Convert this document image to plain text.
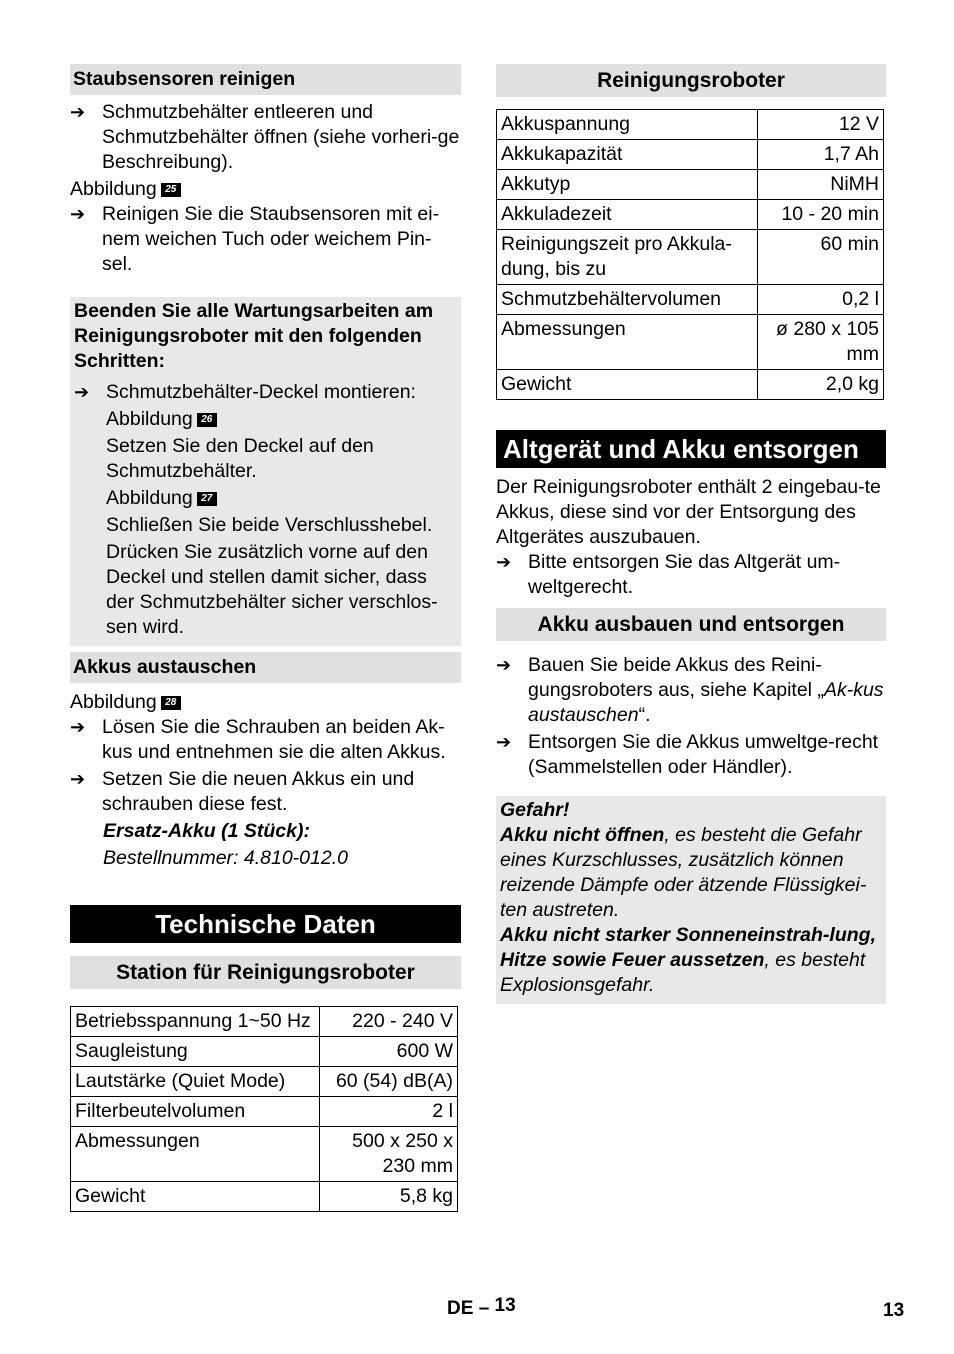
Staubsensoren reinigen
➔ Schmutzbehälter entleeren und Schmutzbehälter öffnen (siehe vorheri-ge Beschreibung).
Abbildung 25
➔ Reinigen Sie die Staubsensoren mit ei-nem weichen Tuch oder weichem Pin-sel.
Beenden Sie alle Wartungsarbeiten am Reinigungsroboter mit den folgenden Schritten:
➔ Schmutzbehälter-Deckel montieren:
Abbildung 26
Setzen Sie den Deckel auf den Schmutzbehälter.
Abbildung 27
Schließen Sie beide Verschlusshebel.
Drücken Sie zusätzlich vorne auf den Deckel und stellen damit sicher, dass der Schmutzbehälter sicher verschlos-sen wird.
Akkus austauschen
Abbildung 28
➔ Lösen Sie die Schrauben an beiden Ak-kus und entnehmen sie die alten Akkus.
➔ Setzen Sie die neuen Akkus ein und schrauben diese fest.
Ersatz-Akku (1 Stück):
Bestellnummer: 4.810-012.0
Technische Daten
Station für Reinigungsroboter
Betriebsspannung 1~50 Hz	220 - 240 V
Saugleistung	600 W
Lautstärke (Quiet Mode)	60 (54) dB(A)
Filterbeutelvolumen	2 l
Abmessungen	500 x 250 x 230 mm
Gewicht	5,8 kg
Reinigungsroboter
Akkuspannung	12 V
Akkukapazität	1,7 Ah
Akkutyp	NiMH
Akkuladezeit	10 - 20 min
Reinigungszeit pro Akkula-dung, bis zu	60 min
Schmutzbehältervolumen	0,2 l
Abmessungen	ø 280 x 105 mm
Gewicht	2,0 kg
Altgerät und Akku entsorgen
Der Reinigungsroboter enthält 2 eingebau-te Akkus, diese sind vor der Entsorgung des Altgerätes auszubauen.
➔ Bitte entsorgen Sie das Altgerät um-weltgerecht.
Akku ausbauen und entsorgen
➔ Bauen Sie beide Akkus des Reini-gungsroboters aus, siehe Kapitel „Ak-kus austauschen“.
➔ Entsorgen Sie die Akkus umweltge-recht (Sammelstellen oder Händler).
Gefahr!
Akku nicht öffnen, es besteht die Gefahr eines Kurzschlusses, zusätzlich können reizende Dämpfe oder ätzende Flüssigkei-ten austreten.
Akku nicht starker Sonneneinstrah-lung, Hitze sowie Feuer aussetzen, es besteht Explosionsgefahr.
DE – 13	13
